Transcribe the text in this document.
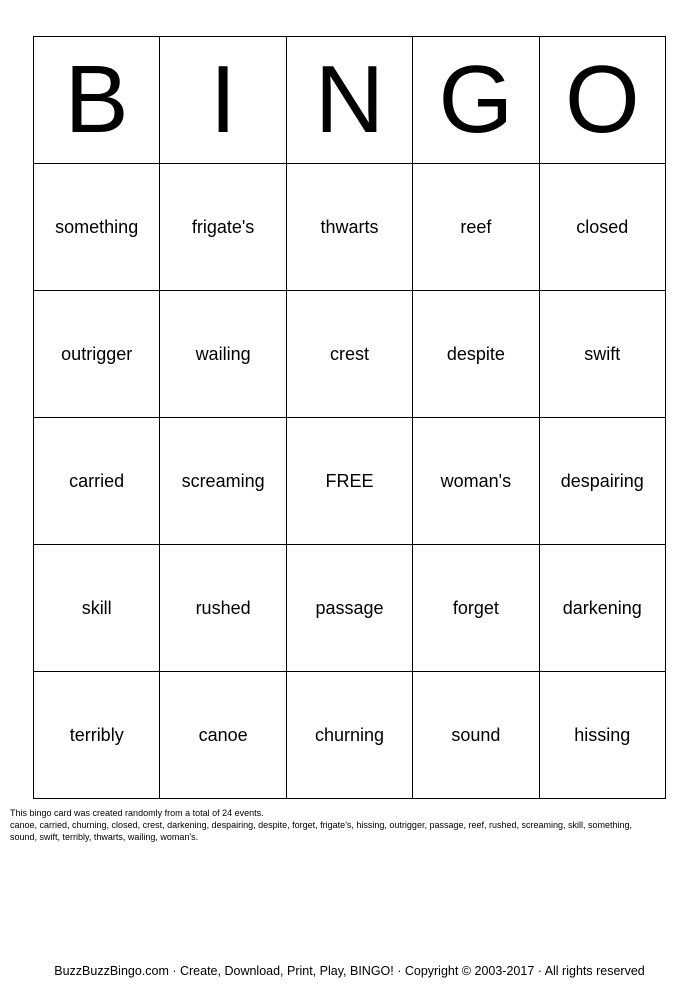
B	I	N	G	O
something	frigate's	thwarts	reef	closed
outrigger	wailing	crest	despite	swift
carried	screaming	FREE	woman's	despairing
skill	rushed	passage	forget	darkening
terribly	canoe	churning	sound	hissing
This bingo card was created randomly from a total of 24 events.
canoe, carried, churning, closed, crest, darkening, despairing, despite, forget, frigate's, hissing, outrigger, passage, reef, rushed, screaming, skill, something,
sound, swift, terribly, thwarts, wailing, woman's.
BuzzBuzzBingo.com · Create, Download, Print, Play, BINGO! · Copyright © 2003-2017 · All rights reserved
